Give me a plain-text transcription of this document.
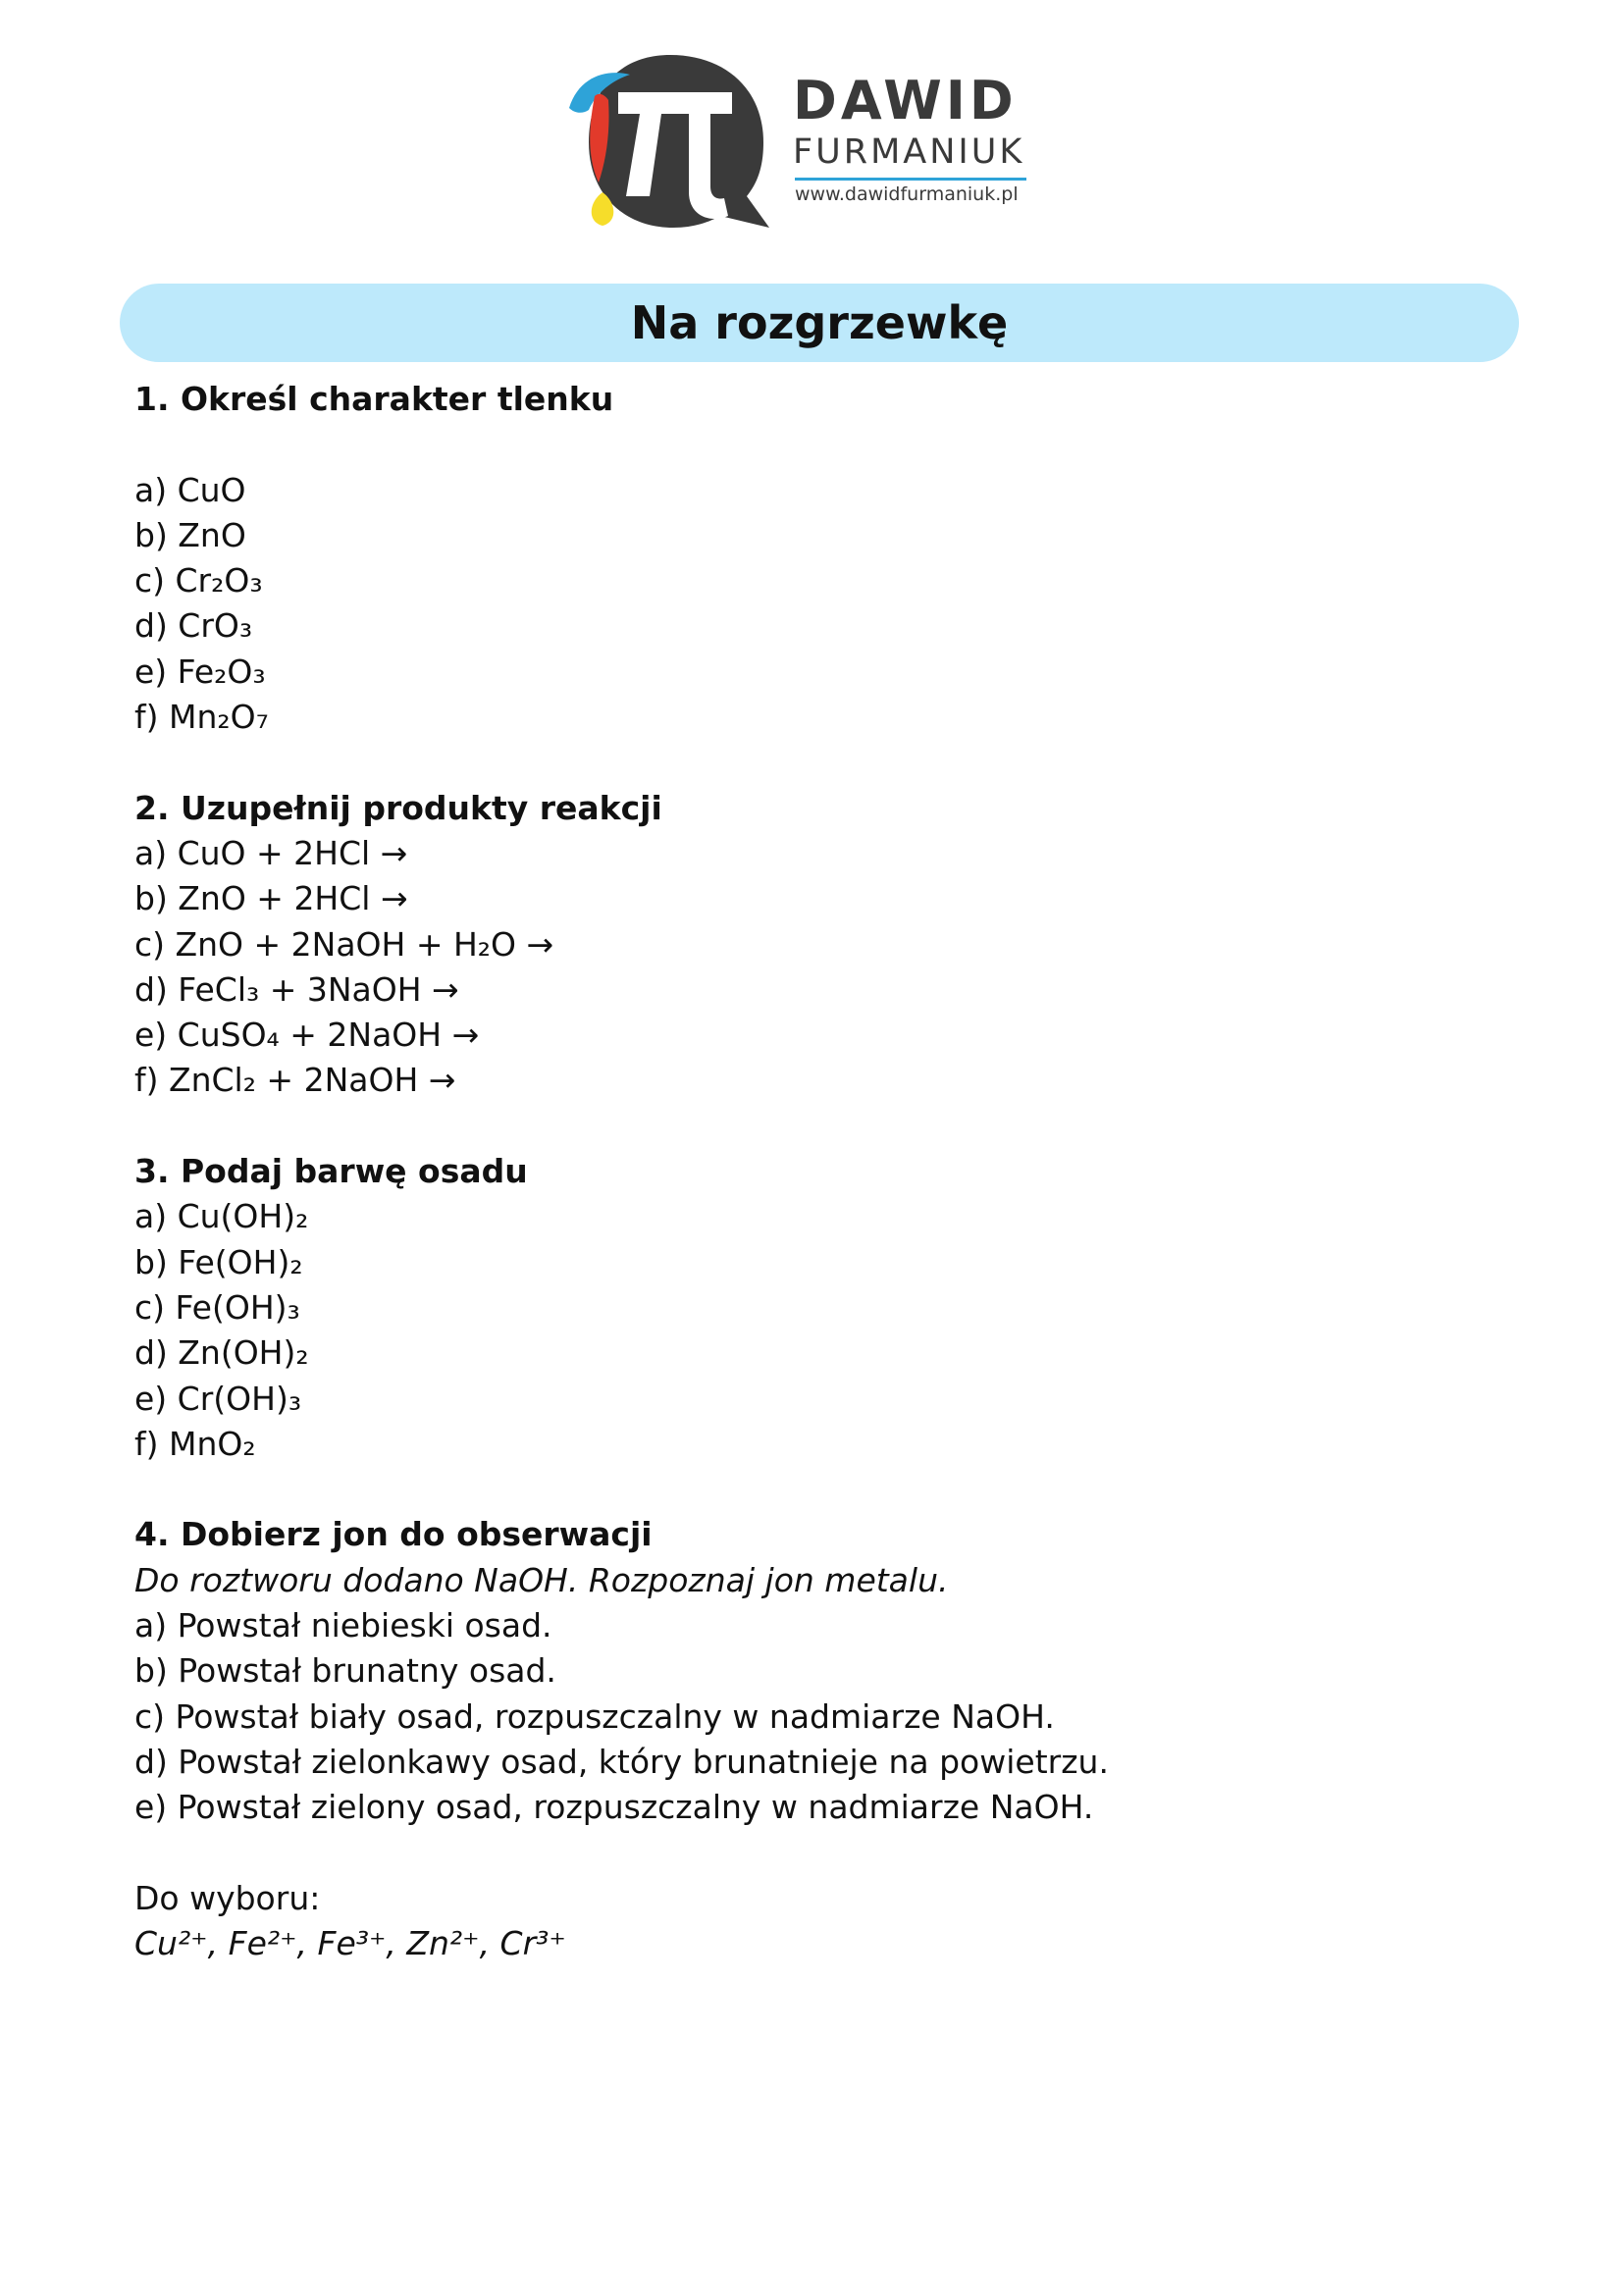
DAWID
FURMANIUK
www.dawidfurmaniuk.pl
Na rozgrzewkę
1. Określ charakter tlenku
a) CuO
b) ZnO
c) Cr₂O₃
d) CrO₃
e) Fe₂O₃
f) Mn₂O₇
2. Uzupełnij produkty reakcji
a) CuO + 2HCl →
b) ZnO + 2HCl →
c) ZnO + 2NaOH + H₂O →
d) FeCl₃ + 3NaOH →
e) CuSO₄ + 2NaOH →
f) ZnCl₂ + 2NaOH →
3. Podaj barwę osadu
a) Cu(OH)₂
b) Fe(OH)₂
c) Fe(OH)₃
d) Zn(OH)₂
e) Cr(OH)₃
f) MnO₂
4. Dobierz jon do obserwacji
Do roztworu dodano NaOH. Rozpoznaj jon metalu.
a) Powstał niebieski osad.
b) Powstał brunatny osad.
c) Powstał biały osad, rozpuszczalny w nadmiarze NaOH.
d) Powstał zielonkawy osad, który brunatnieje na powietrzu.
e) Powstał zielony osad, rozpuszczalny w nadmiarze NaOH.
Do wyboru:
Cu²⁺, Fe²⁺, Fe³⁺, Zn²⁺, Cr³⁺
